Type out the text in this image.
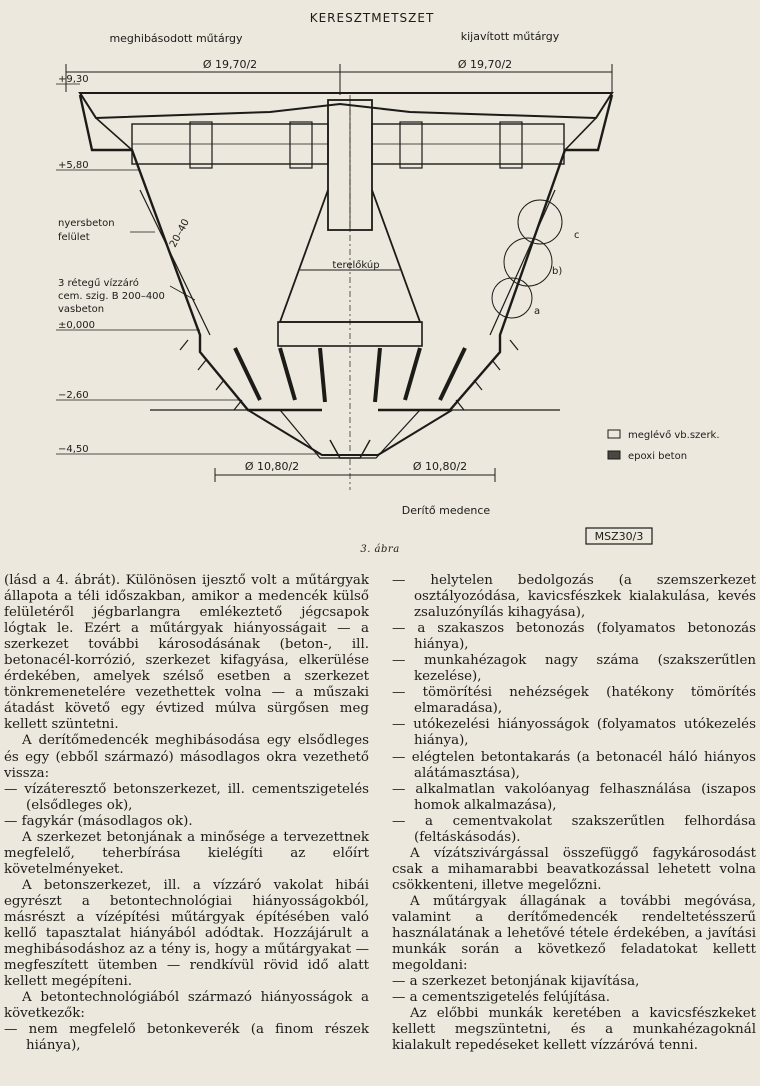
KERESZTMETSZET
meghibásodott műtárgy	kijavított műtárgy
Ø 19,70/2	Ø 19,70/2
+9,30
+5,80
±0,000
−2,60
−4,50
nyersbeton
felület	20–40
3 rétegű vízzáró
cem. szig. B 200–400
vasbeton
terelőkúp
c
b)
a
Ø 10,80/2	Ø 10,80/2
Derítő medence
MSZ30/3
meglévő vb.szerk.
epoxi beton
3. ábra

(lásd a 4. ábrát). Különösen ijesztő volt a műtárgyak állapota a téli időszakban, amikor a medencék külső felületéről jégbarlangra emlékeztető jégcsapok lógtak le. Ezért a műtárgyak hiányosságait — a szerkezet további károsodásának (beton-, ill. betonacél-korrózió, szerkezet kifagyása, elkerülése érdekében, amelyek szélső esetben a szerkezet tönkremenetelére vezethettek volna — a műszaki átadást követő egy évtized múlva sürgősen meg kellett szüntetni.

A derítőmedencék meghibásodása egy elsődleges és egy (ebből származó) másodlagos okra vezethető vissza:

— vízáteresztő betonszerkezet, ill. cementszigetelés (elsődleges ok),

— fagykár (másodlagos ok).

A szerkezet betonjának a minősége a tervezettnek megfelelő, teherbírása kielégíti az előírt követelményeket.

A betonszerkezet, ill. a vízzáró vakolat hibái egyrészt a betontechnológiai hiányosságokból, másrészt a vízépítési műtárgyak építésében való kellő tapasztalat hiányából adódtak. Hozzájárult a meghibásodáshoz az a tény is, hogy a műtárgyakat — megfeszített ütemben — rendkívül rövid idő alatt kellett megépíteni.

A betontechnológiából származó hiányosságok a következők:

— nem megfelelő betonkeverék (a finom részek hiánya),

— helytelen bedolgozás (a szemszerkezet osztályozódása, kavicsfészkek kialakulása, kevés zsaluzónyílás kihagyása),

— a szakaszos betonozás (folyamatos betonozás hiánya),

— munkahézagok nagy száma (szakszerűtlen kezelése),

— tömörítési nehézségek (hatékony tömörítés elmaradása),

— utókezelési hiányosságok (folyamatos utókezelés hiánya),

— elégtelen betontakarás (a betonacél háló hiányos alátámasztása),

— alkalmatlan vakolóanyag felhasználása (iszapos homok alkalmazása),

— a cementvakolat szakszerűtlen felhordása (feltáskásodás).

A vízátszivárgással összefüggő fagykárosodást csak a mihamarabbi beavatkozással lehetett volna csökkenteni, illetve megelőzni.

A műtárgyak állagának a további megóvása, valamint a derítőmedencék rendeltetésszerű használatának a lehetővé tétele érdekében, a javítási munkák során a következő feladatokat kellett megoldani:

— a szerkezet betonjának kijavítása,

— a cementszigetelés felújítása.

Az előbbi munkák keretében a kavicsfészkeket kellett megszüntetni, és a munkahézagoknál kialakult repedéseket kellett vízzáróvá tenni.
